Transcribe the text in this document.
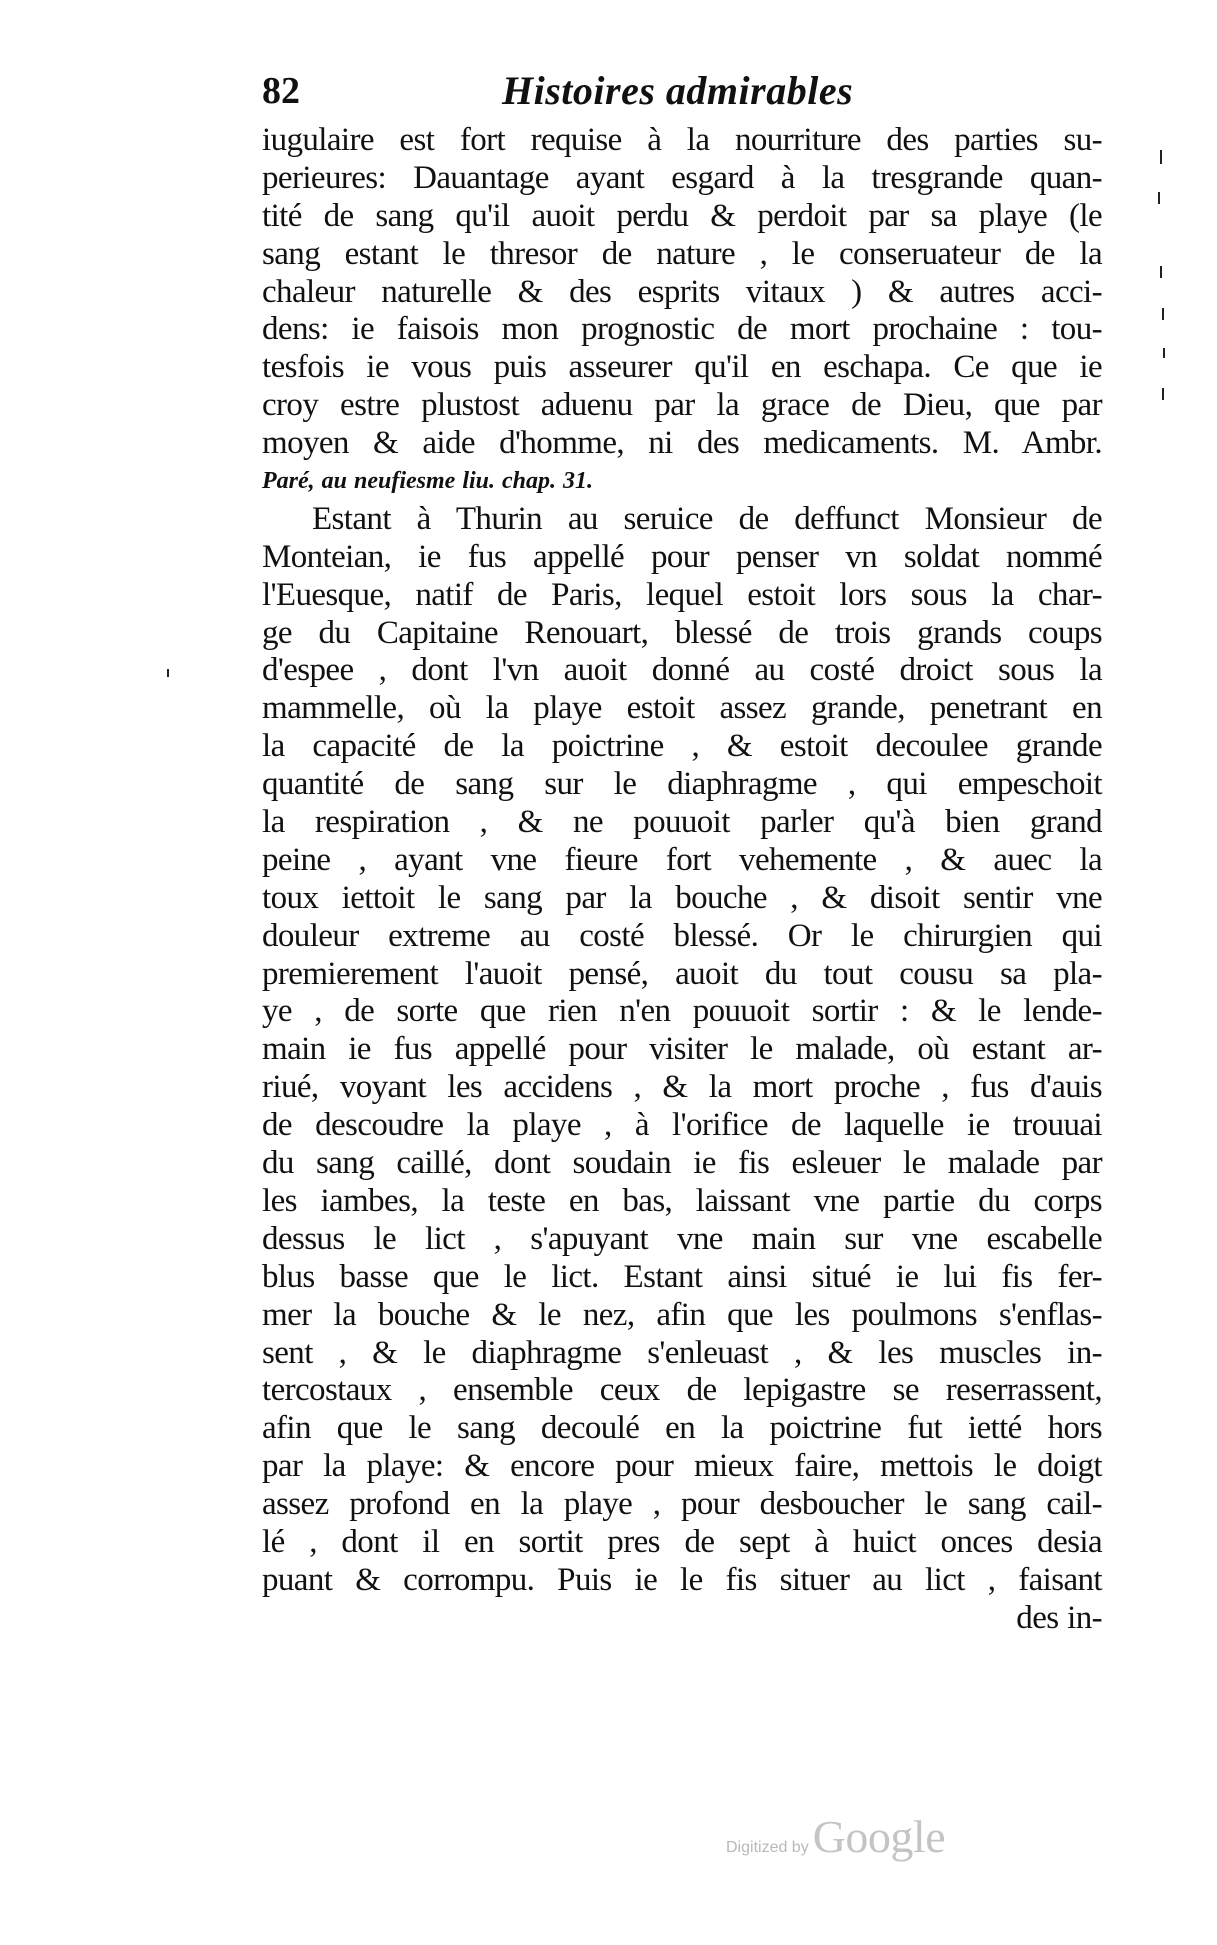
82	Histoires admirables
iugulaire est fort requise à la nourriture des parties su-
perieures: Dauantage ayant esgard à la tresgrande quan-
tité de sang qu'il auoit perdu & perdoit par sa playe (le
sang estant le thresor de nature , le conseruateur de la
chaleur naturelle & des esprits vitaux ) & autres acci-
dens: ie faisois mon prognostic de mort prochaine : tou-
tesfois ie vous puis asseurer qu'il en eschapa. Ce que ie
croy estre plustost aduenu par la grace de Dieu, que par
moyen & aide d'homme, ni des medicaments. M. Ambr.
Paré, au neufiesme liu. chap. 31.
Estant à Thurin au seruice de deffunct Monsieur de
Monteian, ie fus appellé pour penser vn soldat nommé
l'Euesque, natif de Paris, lequel estoit lors sous la char-
ge du Capitaine Renouart, blessé de trois grands coups
d'espee , dont l'vn auoit donné au costé droict sous la
mammelle, où la playe estoit assez grande, penetrant en
la capacité de la poictrine , & estoit decoulee grande
quantité de sang sur le diaphragme , qui empeschoit
la respiration , & ne pouuoit parler qu'à bien grand
peine , ayant vne fieure fort vehemente , & auec la
toux iettoit le sang par la bouche , & disoit sentir vne
douleur extreme au costé blessé. Or le chirurgien qui
premierement l'auoit pensé, auoit du tout cousu sa pla-
ye , de sorte que rien n'en pouuoit sortir : & le lende-
main ie fus appellé pour visiter le malade, où estant ar-
riué, voyant les accidens , & la mort proche , fus d'auis
de descoudre la playe , à l'orifice de laquelle ie trouuai
du sang caillé, dont soudain ie fis esleuer le malade par
les iambes, la teste en bas, laissant vne partie du corps
dessus le lict , s'apuyant vne main sur vne escabelle
blus basse que le lict. Estant ainsi situé ie lui fis fer-
mer la bouche & le nez, afin que les poulmons s'enflas-
sent , & le diaphragme s'enleuast , & les muscles in-
tercostaux , ensemble ceux de lepigastre se reserrassent,
afin que le sang decoulé en la poictrine fut ietté hors
par la playe: & encore pour mieux faire, mettois le doigt
assez profond en la playe , pour desboucher le sang cail-
lé , dont il en sortit pres de sept à huict onces desia
puant & corrompu. Puis ie le fis situer au lict , faisant
des in-
Digitized by Google
